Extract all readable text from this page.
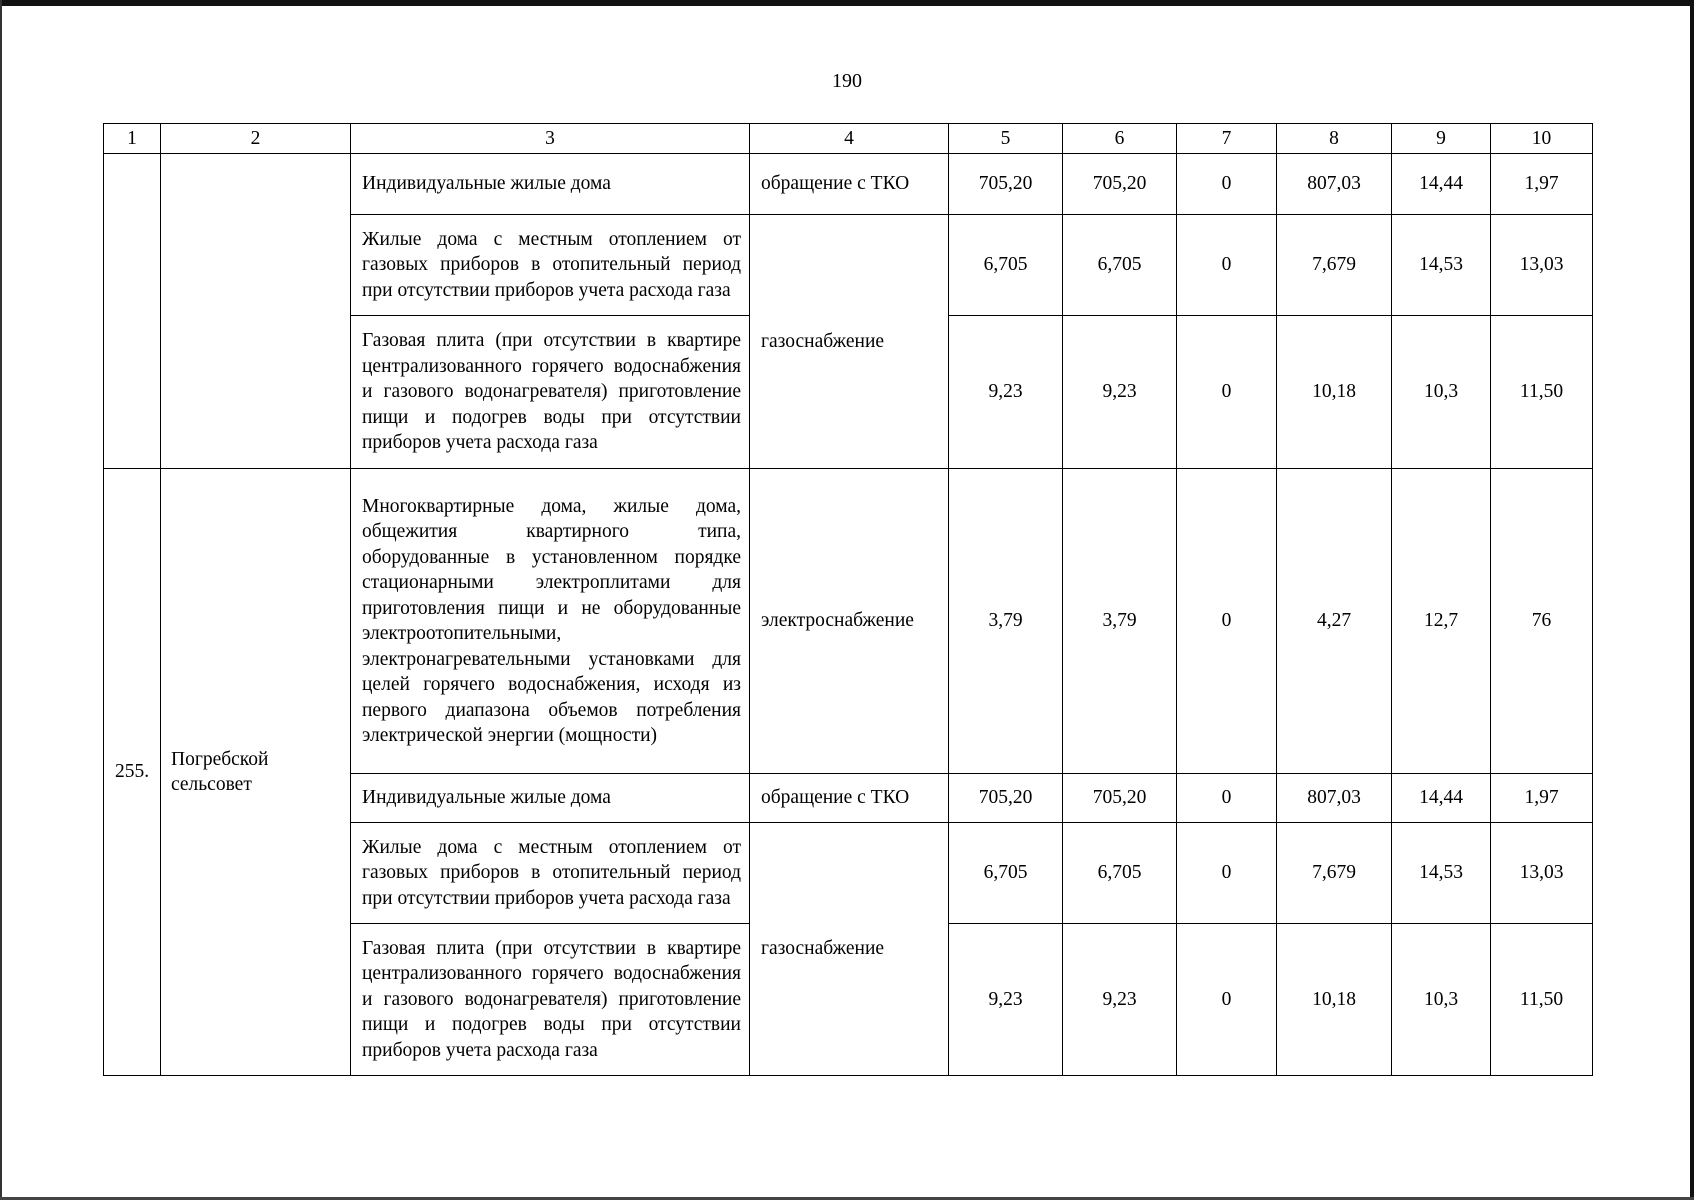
190
1	2	3	4	5	6	7	8	9	10
		Индивидуальные жилые дома	обращение с ТКО	705,20	705,20	0	807,03	14,44	1,97
		Жилые дома с местным отоплением от газовых приборов в отопительный период при отсутствии приборов учета расхода газа	газоснабжение	6,705	6,705	0	7,679	14,53	13,03
		Газовая плита (при отсутствии в квартире централизованного горячего водоснабжения и газового водонагревателя) приготовление пищи и подогрев воды при отсутствии приборов учета расхода газа		9,23	9,23	0	10,18	10,3	11,50
255.	Погребской сельсовет	Многоквартирные дома, жилые дома, общежития квартирного типа, оборудованные в установленном порядке стационарными электроплитами для приготовления пищи и не оборудованные электроотопительными, электронагревательными установками для целей горячего водоснабжения, исходя из первого диапазона объемов потребления электрической энергии (мощности)	электроснабжение	3,79	3,79	0	4,27	12,7	76
		Индивидуальные жилые дома	обращение с ТКО	705,20	705,20	0	807,03	14,44	1,97
		Жилые дома с местным отоплением от газовых приборов в отопительный период при отсутствии приборов учета расхода газа	газоснабжение	6,705	6,705	0	7,679	14,53	13,03
		Газовая плита (при отсутствии в квартире централизованного горячего водоснабжения и газового водонагревателя) приготовление пищи и подогрев воды при отсутствии приборов учета расхода газа		9,23	9,23	0	10,18	10,3	11,50
